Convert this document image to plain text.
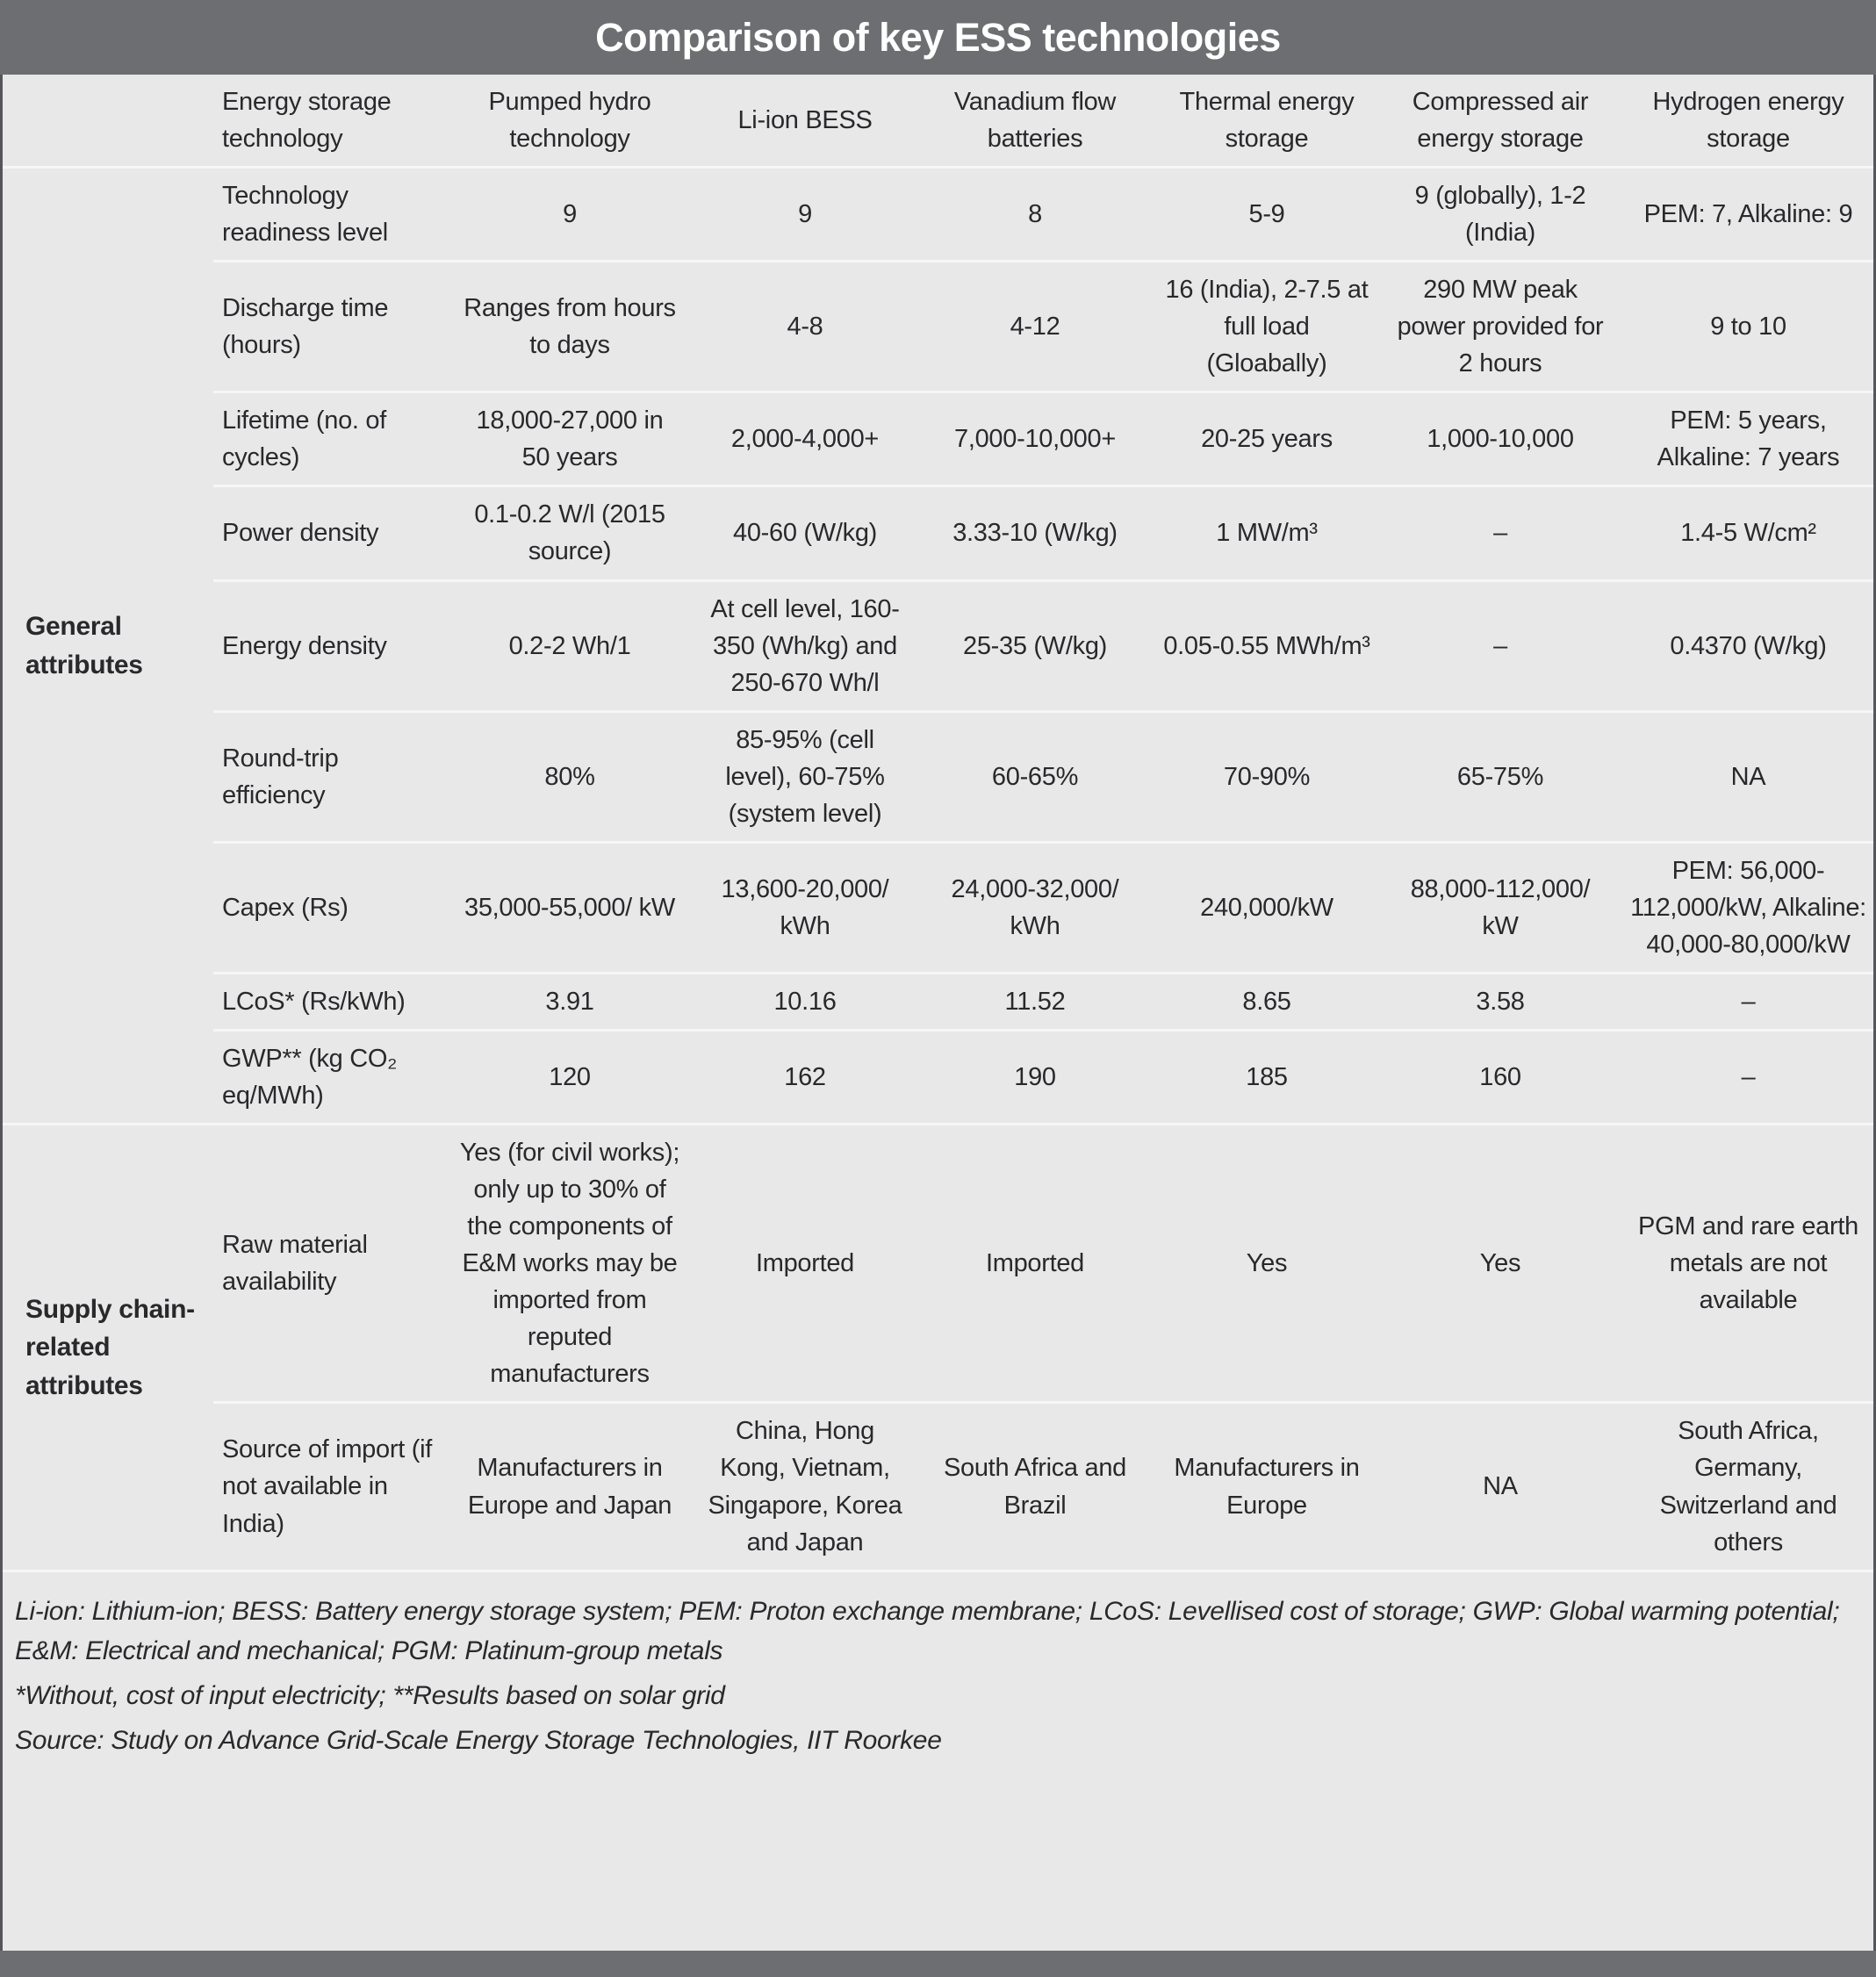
Comparison of key ESS technologies
	Energy storage technology	Pumped hydro technology	Li-ion BESS	Vanadium flow batteries	Thermal energy storage	Compressed air energy storage	Hydrogen energy storage
General attributes	Technology readiness level	9	9	8	5-9	9 (globally), 1-2 (India)	PEM: 7, Alkaline: 9
	Discharge time (hours)	Ranges from hours to days	4-8	4-12	16 (India), 2-7.5 at full load (Gloabally)	290 MW peak power provided for 2 hours	9 to 10
	Lifetime (no. of cycles)	18,000-27,000 in 50 years	2,000-4,000+	7,000-10,000+	20-25 years	1,000-10,000	PEM: 5 years, Alkaline: 7 years
	Power density	0.1-0.2 W/l (2015 source)	40-60 (W/kg)	3.33-10 (W/kg)	1 MW/m³	–	1.4-5 W/cm²
	Energy density	0.2-2 Wh/1	At cell level, 160-350 (Wh/kg) and 250-670 Wh/l	25-35 (W/kg)	0.05-0.55 MWh/m³	–	0.4370 (W/kg)
	Round-trip efficiency	80%	85-95% (cell level), 60-75% (system level)	60-65%	70-90%	65-75%	NA
	Capex (Rs)	35,000-55,000/ kW	13,600-20,000/ kWh	24,000-32,000/ kWh	240,000/kW	88,000-112,000/ kW	PEM: 56,000-112,000/kW, Alkaline: 40,000-80,000/kW
	LCoS* (Rs/kWh)	3.91	10.16	11.52	8.65	3.58	–
	GWP** (kg CO₂ eq/MWh)	120	162	190	185	160	–
Supply chain-related attributes	Raw material availability	Yes (for civil works); only up to 30% of the components of E&M works may be imported from reputed manufacturers	Imported	Imported	Yes	Yes	PGM and rare earth metals are not available
	Source of import (if not available in India)	Manufacturers in Europe and Japan	China, Hong Kong, Vietnam, Singapore, Korea and Japan	South Africa and Brazil	Manufacturers in Europe	NA	South Africa, Germany, Switzerland and others

Li-ion: Lithium-ion; BESS: Battery energy storage system; PEM: Proton exchange membrane; LCoS: Levellised cost of storage; GWP: Global warming potential; E&M: Electrical and mechanical; PGM: Platinum-group metals

*Without, cost of input electricity; **Results based on solar grid

Source: Study on Advance Grid-Scale Energy Storage Technologies, IIT Roorkee
